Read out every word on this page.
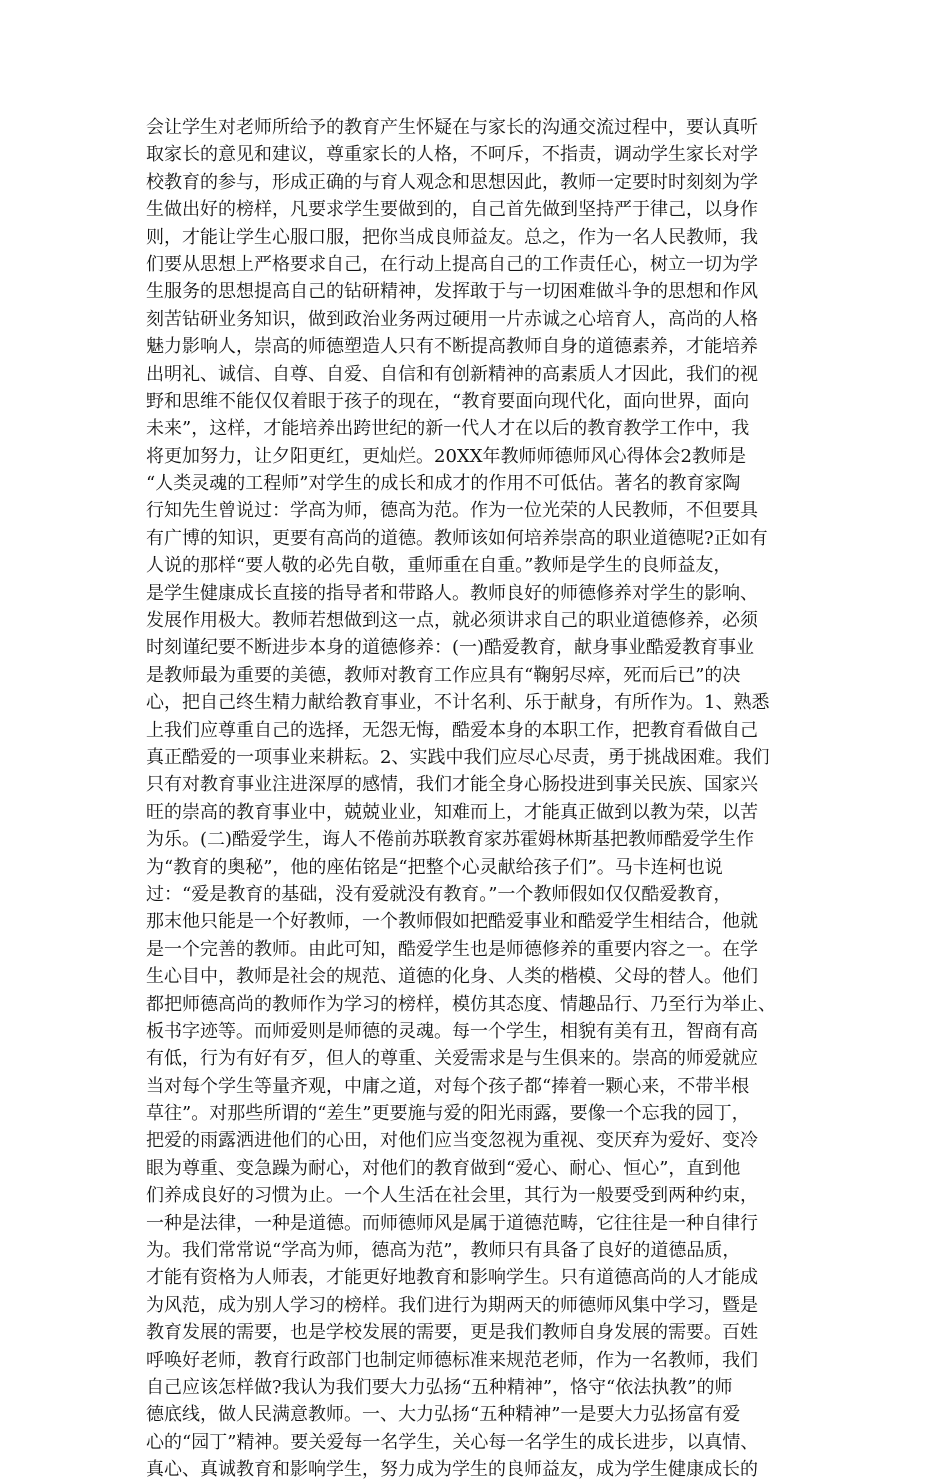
会让学生对老师所给予的教育产生怀疑在与家长的沟通交流过程中，要认真听
取家长的意见和建议，尊重家长的人格，不呵斥，不指责，调动学生家长对学
校教育的参与，形成正确的与育人观念和思想因此，教师一定要时时刻刻为学
生做出好的榜样，凡要求学生要做到的，自己首先做到坚持严于律己，以身作
则，才能让学生心服口服，把你当成良师益友。总之，作为一名人民教师，我
们要从思想上严格要求自己，在行动上提高自己的工作责任心，树立一切为学
生服务的思想提高自己的钻研精神，发挥敢于与一切困难做斗争的思想和作风
刻苦钻研业务知识，做到政治业务两过硬用一片赤诚之心培育人，高尚的人格
魅力影响人，崇高的师德塑造人只有不断提高教师自身的道德素养，才能培养
出明礼、诚信、自尊、自爱、自信和有创新精神的高素质人才因此，我们的视
野和思维不能仅仅着眼于孩子的现在，“教育要面向现代化，面向世界，面向
未来”，这样，才能培养出跨世纪的新一代人才在以后的教育教学工作中，我
将更加努力，让夕阳更红，更灿烂。20XX年教师师德师风心得体会2教师是
“人类灵魂的工程师”对学生的成长和成才的作用不可低估。著名的教育家陶
行知先生曾说过：学高为师，德高为范。作为一位光荣的人民教师，不但要具
有广博的知识，更要有高尚的道德。教师该如何培养崇高的职业道德呢?正如有
人说的那样“要人敬的必先自敬，重师重在自重。”教师是学生的良师益友，
是学生健康成长直接的指导者和带路人。教师良好的师德修养对学生的影响、
发展作用极大。教师若想做到这一点，就必须讲求自己的职业道德修养，必须
时刻谨纪要不断进步本身的道德修养：(一)酷爱教育，献身事业酷爱教育事业
是教师最为重要的美德，教师对教育工作应具有“鞠躬尽瘁，死而后已”的决
心，把自己终生精力献给教育事业，不计名利、乐于献身，有所作为。1、熟悉
上我们应尊重自己的选择，无怨无悔，酷爱本身的本职工作，把教育看做自己
真正酷爱的一项事业来耕耘。2、实践中我们应尽心尽责，勇于挑战困难。我们
只有对教育事业注进深厚的感情，我们才能全身心肠投进到事关民族、国家兴
旺的崇高的教育事业中，兢兢业业，知难而上，才能真正做到以教为荣，以苦
为乐。(二)酷爱学生，诲人不倦前苏联教育家苏霍姆林斯基把教师酷爱学生作
为“教育的奥秘”，他的座佑铭是“把整个心灵献给孩子们”。马卡连柯也说
过：“爱是教育的基础，没有爱就没有教育。”一个教师假如仅仅酷爱教育，
那末他只能是一个好教师，一个教师假如把酷爱事业和酷爱学生相结合，他就
是一个完善的教师。由此可知，酷爱学生也是师德修养的重要内容之一。在学
生心目中，教师是社会的规范、道德的化身、人类的楷模、父母的替人。他们
都把师德高尚的教师作为学习的榜样，模仿其态度、情趣品行、乃至行为举止、
板书字迹等。而师爱则是师德的灵魂。每一个学生，相貌有美有丑，智商有高
有低，行为有好有歹，但人的尊重、关爱需求是与生俱来的。崇高的师爱就应
当对每个学生等量齐观，中庸之道，对每个孩子都“捧着一颗心来，不带半根
草往”。对那些所谓的“差生”更要施与爱的阳光雨露，要像一个忘我的园丁，
把爱的雨露洒进他们的心田，对他们应当变忽视为重视、变厌弃为爱好、变冷
眼为尊重、变急躁为耐心，对他们的教育做到“爱心、耐心、恒心”，直到他
们养成良好的习惯为止。一个人生活在社会里，其行为一般要受到两种约束，
一种是法律，一种是道德。而师德师风是属于道德范畴，它往往是一种自律行
为。我们常常说“学高为师，德高为范”，教师只有具备了良好的道德品质，
才能有资格为人师表，才能更好地教育和影响学生。只有道德高尚的人才能成
为风范，成为别人学习的榜样。我们进行为期两天的师德师风集中学习，暨是
教育发展的需要，也是学校发展的需要，更是我们教师自身发展的需要。百姓
呼唤好老师，教育行政部门也制定师德标准来规范老师，作为一名教师，我们
自己应该怎样做?我认为我们要大力弘扬“五种精神”，恪守“依法执教”的师
德底线，做人民满意教师。一、大力弘扬“五种精神”一是要大力弘扬富有爱
心的“园丁”精神。要关爱每一名学生，关心每一名学生的成长进步，以真情、
真心、真诚教育和影响学生，努力成为学生的良师益友，成为学生健康成长的
